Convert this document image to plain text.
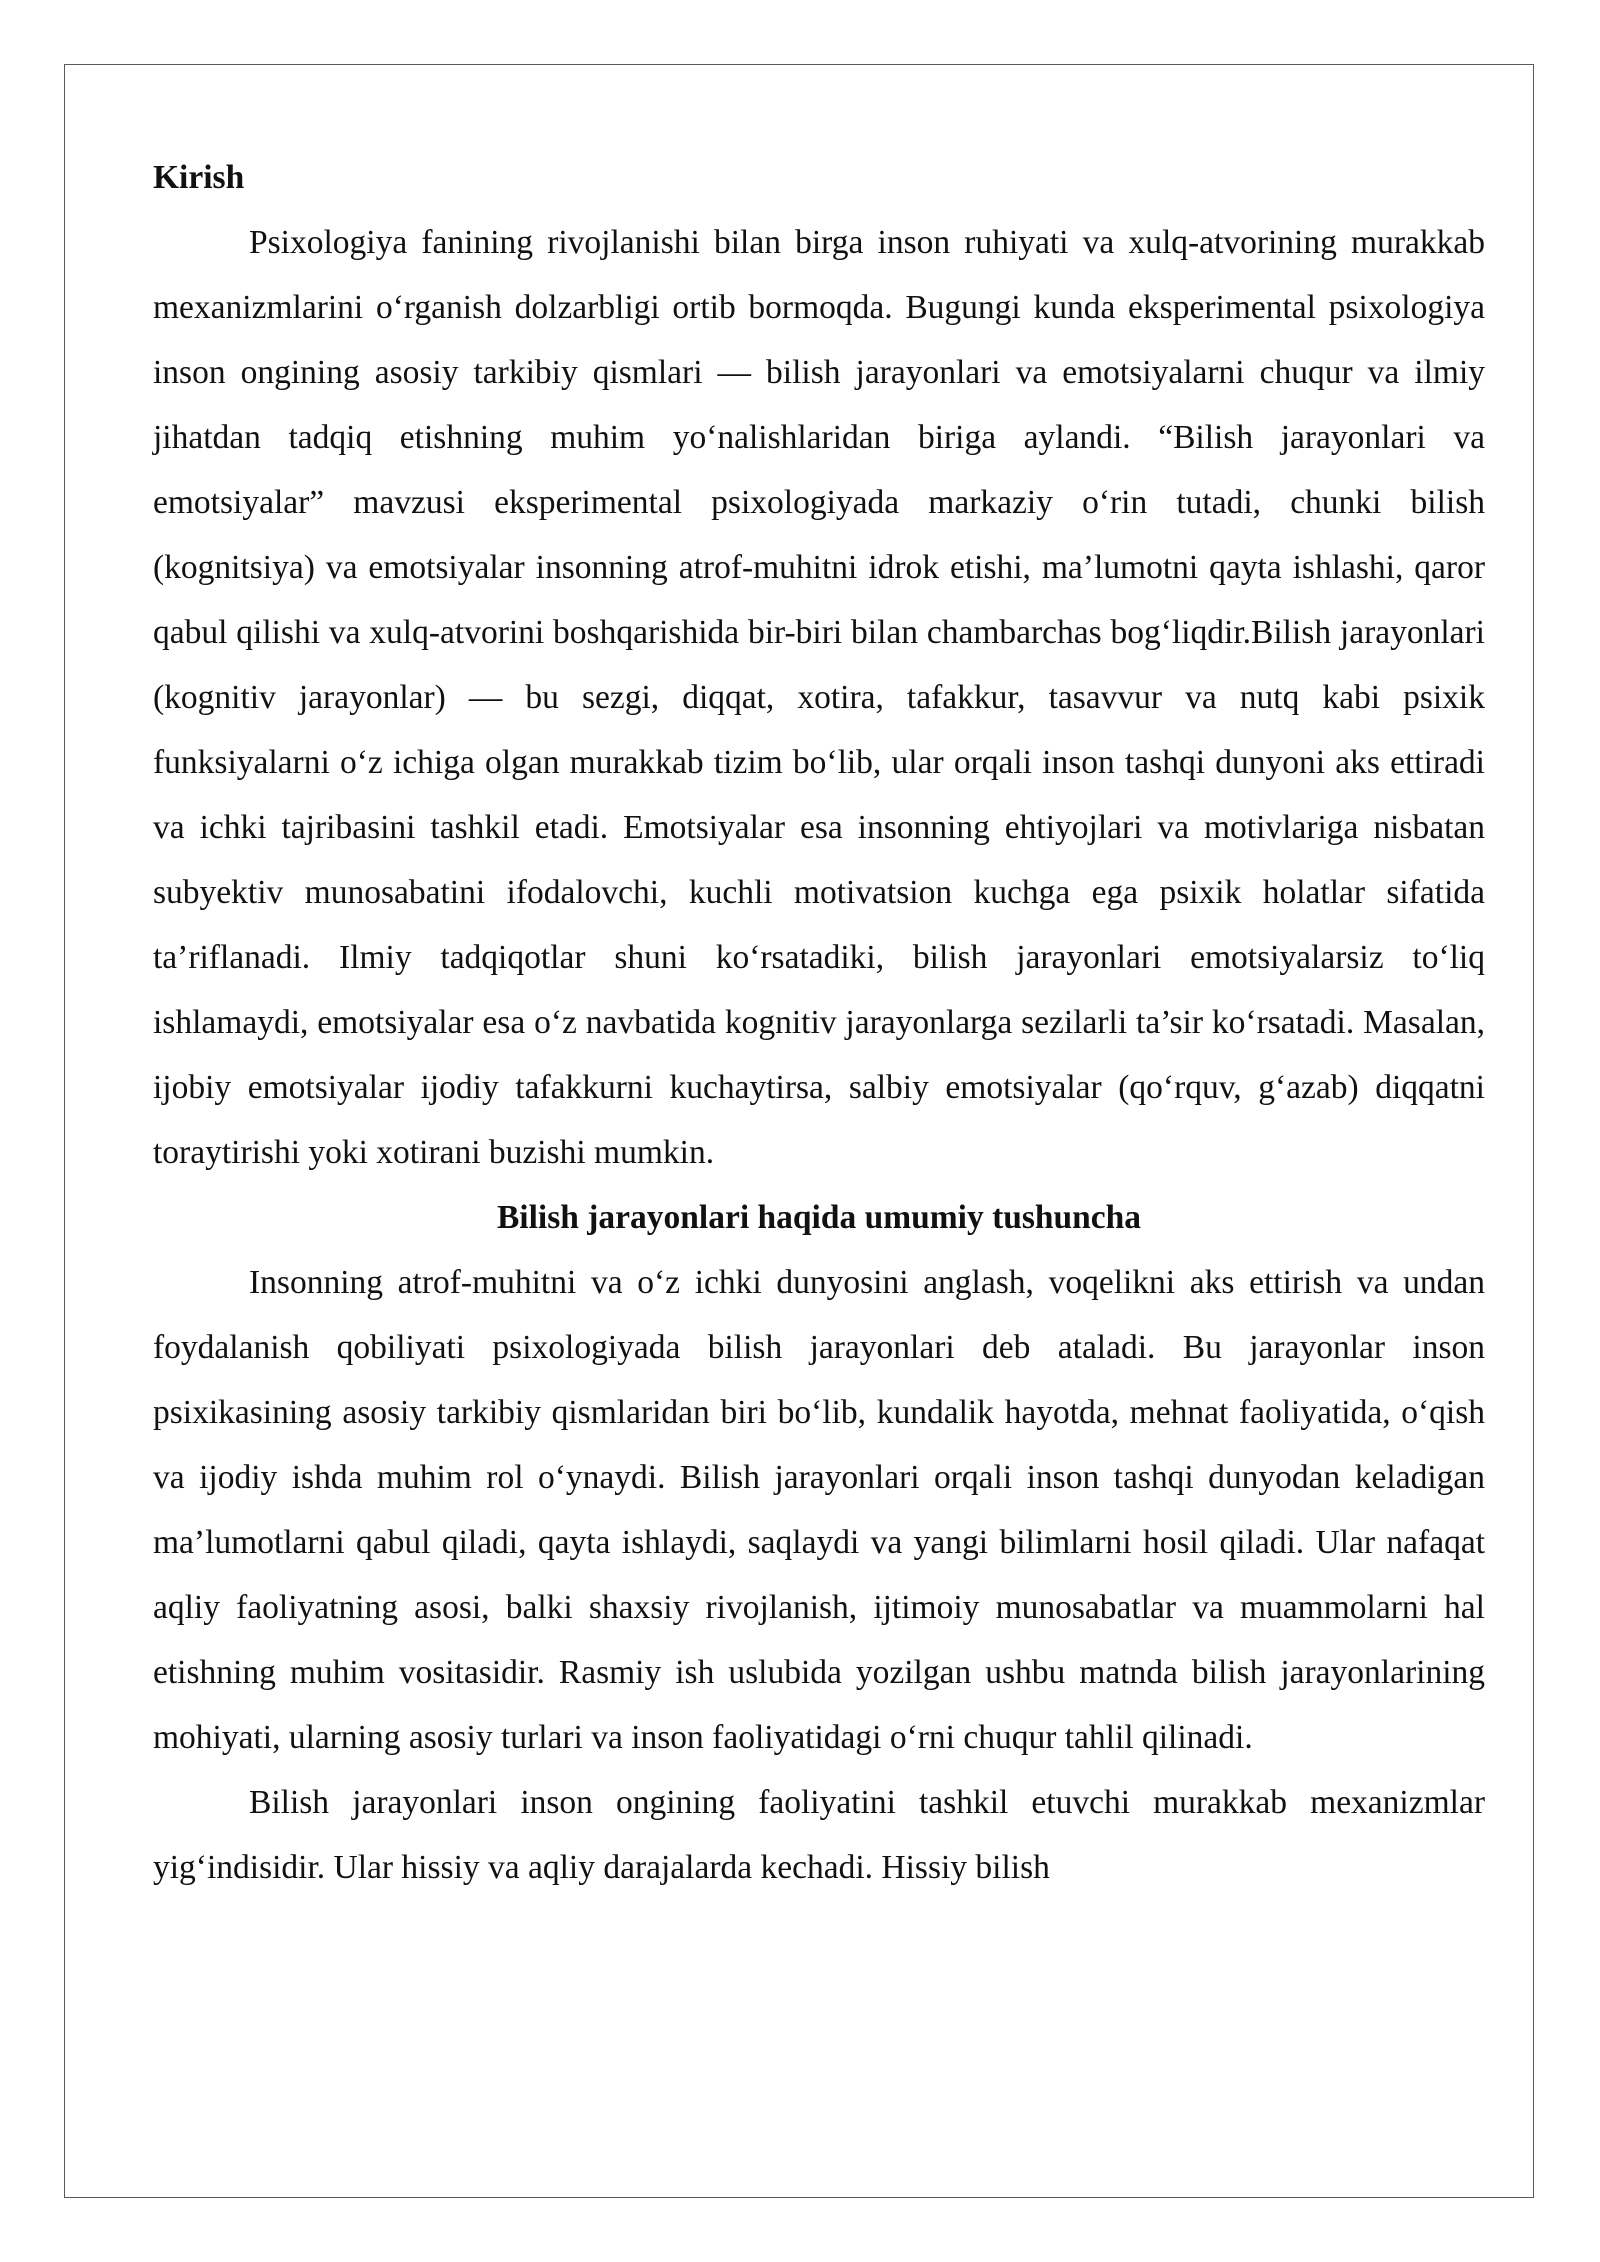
Kirish

Psixologiya fanining rivojlanishi bilan birga inson ruhiyati va xulq-atvorining murakkab mexanizmlarini o‘rganish dolzarbligi ortib bormoqda. Bugungi kunda eksperimental psixologiya inson ongining asosiy tarkibiy qismlari — bilish jarayonlari va emotsiyalarni chuqur va ilmiy jihatdan tadqiq etishning muhim yo‘nalishlaridan biriga aylandi. “Bilish jarayonlari va emotsiyalar” mavzusi eksperimental psixologiyada markaziy o‘rin tutadi, chunki bilish (kognitsiya) va emotsiyalar insonning atrof-muhitni idrok etishi, ma’lumotni qayta ishlashi, qaror qabul qilishi va xulq-atvorini boshqarishida bir-biri bilan chambarchas bog‘liqdir.Bilish jarayonlari (kognitiv jarayonlar) — bu sezgi, diqqat, xotira, tafakkur, tasavvur va nutq kabi psixik funksiyalarni o‘z ichiga olgan murakkab tizim bo‘lib, ular orqali inson tashqi dunyoni aks ettiradi va ichki tajribasini tashkil etadi. Emotsiyalar esa insonning ehtiyojlari va motivlariga nisbatan subyektiv munosabatini ifodalovchi, kuchli motivatsion kuchga ega psixik holatlar sifatida ta’riflanadi. Ilmiy tadqiqotlar shuni ko‘rsatadiki, bilish jarayonlari emotsiyalarsiz to‘liq ishlamaydi, emotsiyalar esa o‘z navbatida kognitiv jarayonlarga sezilarli ta’sir ko‘rsatadi. Masalan, ijobiy emotsiyalar ijodiy tafakkurni kuchaytirsa, salbiy emotsiyalar (qo‘rquv, g‘azab) diqqatni toraytirishi yoki xotirani buzishi mumkin.

Bilish jarayonlari haqida umumiy tushuncha

Insonning atrof-muhitni va o‘z ichki dunyosini anglash, voqelikni aks ettirish va undan foydalanish qobiliyati psixologiyada bilish jarayonlari deb ataladi. Bu jarayonlar inson psixikasining asosiy tarkibiy qismlaridan biri bo‘lib, kundalik hayotda, mehnat faoliyatida, o‘qish va ijodiy ishda muhim rol o‘ynaydi. Bilish jarayonlari orqali inson tashqi dunyodan keladigan ma’lumotlarni qabul qiladi, qayta ishlaydi, saqlaydi va yangi bilimlarni hosil qiladi. Ular nafaqat aqliy faoliyatning asosi, balki shaxsiy rivojlanish, ijtimoiy munosabatlar va muammolarni hal etishning muhim vositasidir. Rasmiy ish uslubida yozilgan ushbu matnda bilish jarayonlarining mohiyati, ularning asosiy turlari va inson faoliyatidagi o‘rni chuqur tahlil qilinadi.

Bilish jarayonlari inson ongining faoliyatini tashkil etuvchi murakkab mexanizmlar yig‘indisidir. Ular hissiy va aqliy darajalarda kechadi. Hissiy bilish
